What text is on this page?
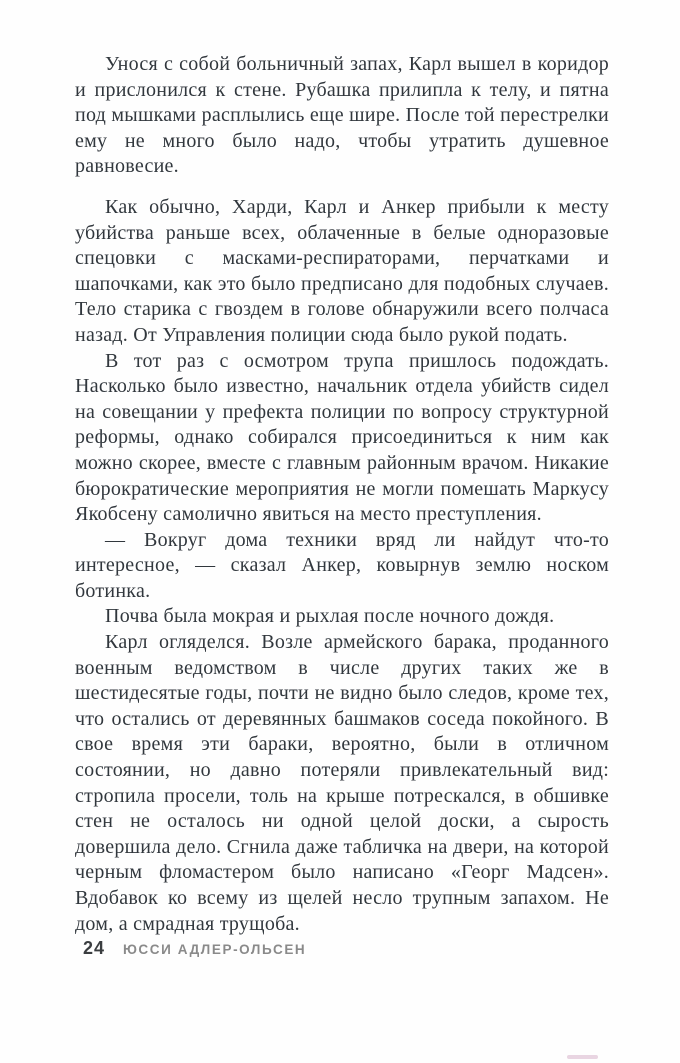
Унося с собой больничный запах, Карл вышел в коридор и прислонился к стене. Рубашка прилипла к телу, и пятна под мышками расплылись еще шире. После той перестрелки ему не много было надо, чтобы утратить душевное равновесие.

Как обычно, Харди, Карл и Анкер прибыли к месту убийства раньше всех, облаченные в белые одноразовые спецовки с масками-респираторами, перчатками и шапочками, как это было предписано для подобных случаев. Тело старика с гвоздем в голове обнаружили всего полчаса назад. От Управления полиции сюда было рукой подать.

В тот раз с осмотром трупа пришлось подождать. Насколько было известно, начальник отдела убийств сидел на совещании у префекта полиции по вопросу структурной реформы, однако собирался присоединиться к ним как можно скорее, вместе с главным районным врачом. Никакие бюрократические мероприятия не могли помешать Маркусу Якобсену самолично явиться на место преступления.

— Вокруг дома техники вряд ли найдут что-то интересное, — сказал Анкер, ковырнув землю носком ботинка.

Почва была мокрая и рыхлая после ночного дождя.

Карл огляделся. Возле армейского барака, проданного военным ведомством в числе других таких же в шестидесятые годы, почти не видно было следов, кроме тех, что остались от деревянных башмаков соседа покойного. В свое время эти бараки, вероятно, были в отличном состоянии, но давно потеряли привлекательный вид: стропила просели, толь на крыше потрескался, в обшивке стен не осталось ни одной целой доски, а сырость довершила дело. Сгнила даже табличка на двери, на которой черным фломастером было написано «Георг Мадсен». Вдобавок ко всему из щелей несло трупным запахом. Не дом, а смрадная трущоба.

24 ЮССИ АДЛЕР-ОЛЬСЕН
